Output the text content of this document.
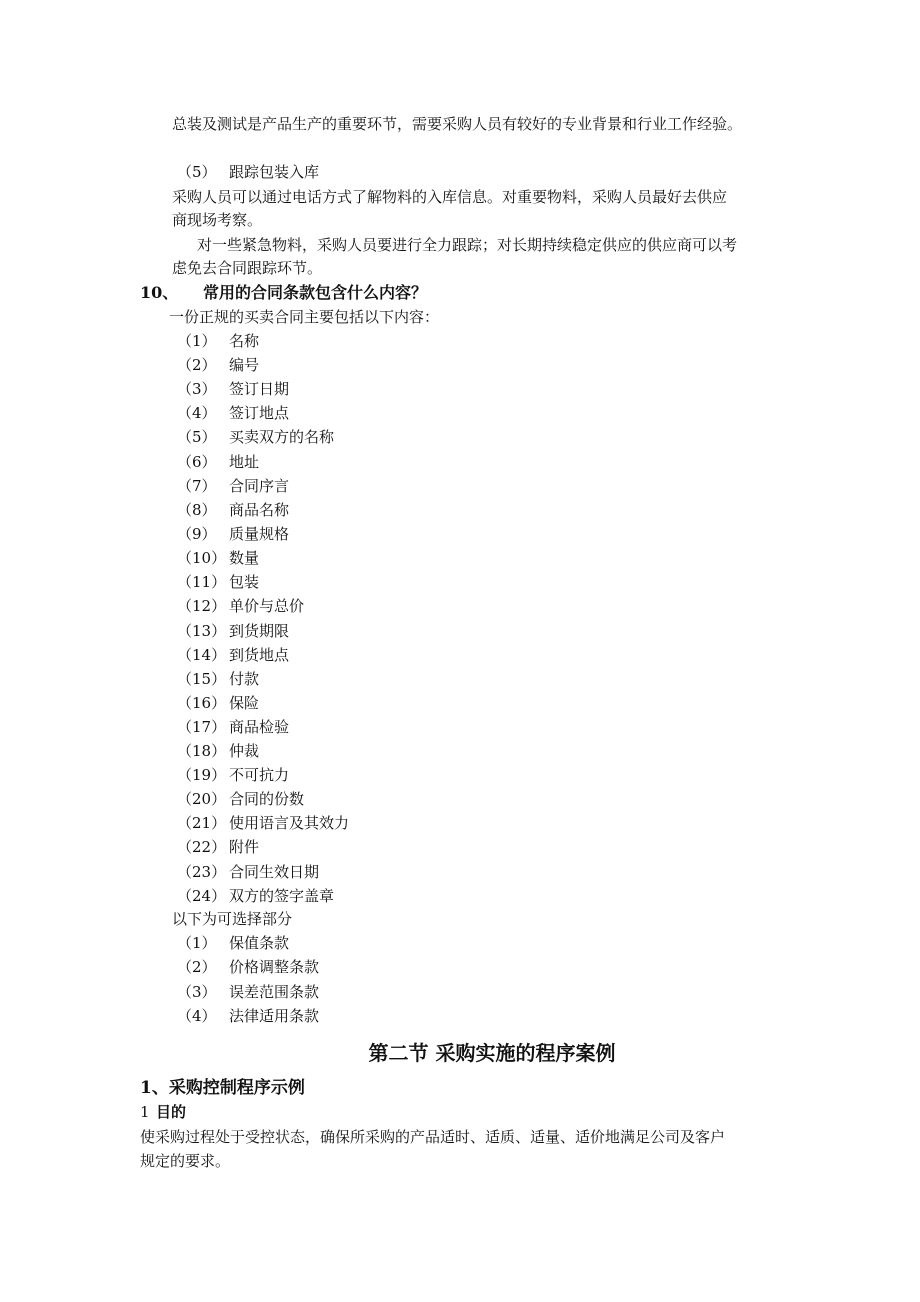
总装及测试是产品生产的重要环节，需要采购人员有较好的专业背景和行业工作经验。
（5） 跟踪包装入库
采购人员可以通过电话方式了解物料的入库信息。对重要物料，采购人员最好去供应
商现场考察。
对一些紧急物料，采购人员要进行全力跟踪；对长期持续稳定供应的供应商可以考
虑免去合同跟踪环节。
10、 常用的合同条款包含什么内容？
一份正规的买卖合同主要包括以下内容：
（1） 名称
（2） 编号
（3） 签订日期
（4） 签订地点
（5） 买卖双方的名称
（6） 地址
（7） 合同序言
（8） 商品名称
（9） 质量规格
（10） 数量
（11） 包装
（12） 单价与总价
（13） 到货期限
（14） 到货地点
（15） 付款
（16） 保险
（17） 商品检验
（18） 仲裁
（19） 不可抗力
（20） 合同的份数
（21） 使用语言及其效力
（22） 附件
（23） 合同生效日期
（24） 双方的签字盖章
以下为可选择部分
（1） 保值条款
（2） 价格调整条款
（3） 误差范围条款
（4） 法律适用条款
第二节 采购实施的程序案例
1、采购控制程序示例
1 目的
使采购过程处于受控状态，确保所采购的产品适时、适质、适量、适价地满足公司及客户
规定的要求。
